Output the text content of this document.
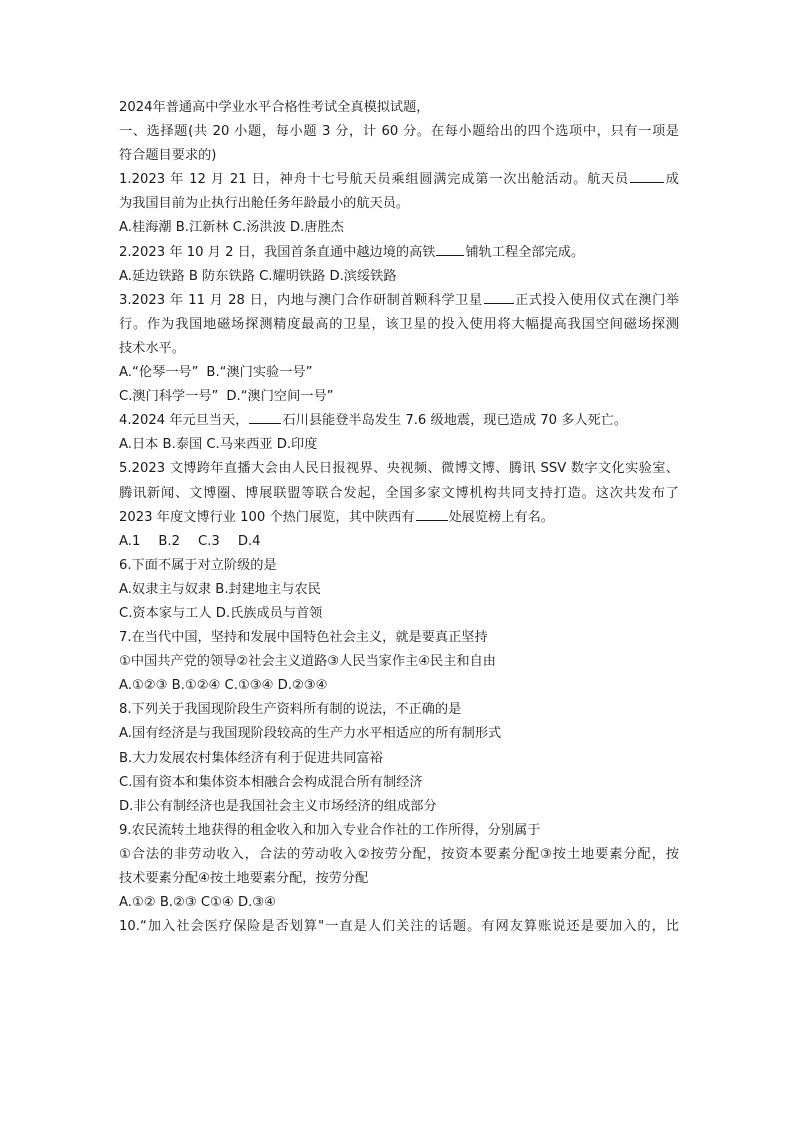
2024年普通高中学业水平合格性考试全真模拟试题，
一、选择题(共 20 小题，每小题 3 分，计 60 分。在每小题给出的四个选项中，只有一项是
符合题目要求的)
1.2023 年 12 月 21 日，神舟十七号航天员乘组圆满完成第一次出舱活动。航天员	成
为我国目前为止执行出舱任务年龄最小的航天员。
A.桂海潮 B.江新林 C.汤洪波 D.唐胜杰
2.2023 年 10 月 2 日，我国首条直通中越边境的高铁 铺轨工程全部完成。
A.延边铁路 B 防东铁路 C.耀明铁路 D.滨绥铁路
3.2023 年 11 月 28 日，内地与澳门合作研制首颗科学卫星 正式投入使用仪式在澳门举
行。作为我国地磁场探测精度最高的卫星，该卫星的投入使用将大幅提高我国空间磁场探测
技术水平。
A.“伦琴一号” B.“澳门实验一号”
C.澳门科学一号” D.“澳门空间一号”
4.2024 年元旦当天，	石川县能登半岛发生 7.6 级地震，现已造成 70 多人死亡。
A.日本 B.泰国 C.马来西亚 D.印度
5.2023 文博跨年直播大会由人民日报视界、央视频、微博文博、腾讯 SSV 数字文化实验室、
腾讯新闻、文博圈、博展联盟等联合发起，全国多家文博机构共同支持打造。这次共发布了
2023 年度文博行业 100 个热门展览，其中陕西有	处展览榜上有名。
A.1 B.2 C.3 D.4
6.下面不属于对立阶级的是
A.奴隶主与奴隶 B.封建地主与农民
C.资本家与工人 D.氏族成员与首领
7.在当代中国，坚持和发展中国特色社会主义，就是要真正坚持
①中国共产党的领导②社会主义道路③人民当家作主④民主和自由
A.①②③ B.①②④ C.①③④ D.②③④
8.下列关于我国现阶段生产资料所有制的说法，不正确的是
A.国有经济是与我国现阶段较高的生产力水平相适应的所有制形式
B.大力发展农村集体经济有利于促进共同富裕
C.国有资本和集体资本相融合会构成混合所有制经济
D.非公有制经济也是我国社会主义市场经济的组成部分
9.农民流转土地获得的租金收入和加入专业合作社的工作所得，分别属于
①合法的非劳动收入，合法的劳动收入②按劳分配，按资本要素分配③按土地要素分配，按
技术要素分配④按土地要素分配，按劳分配
A.①② B.②③ C①④ D.③④
10.“加入社会医疗保险是否划算"一直是人们关注的话题。有网友算账说还是要加入的，比
